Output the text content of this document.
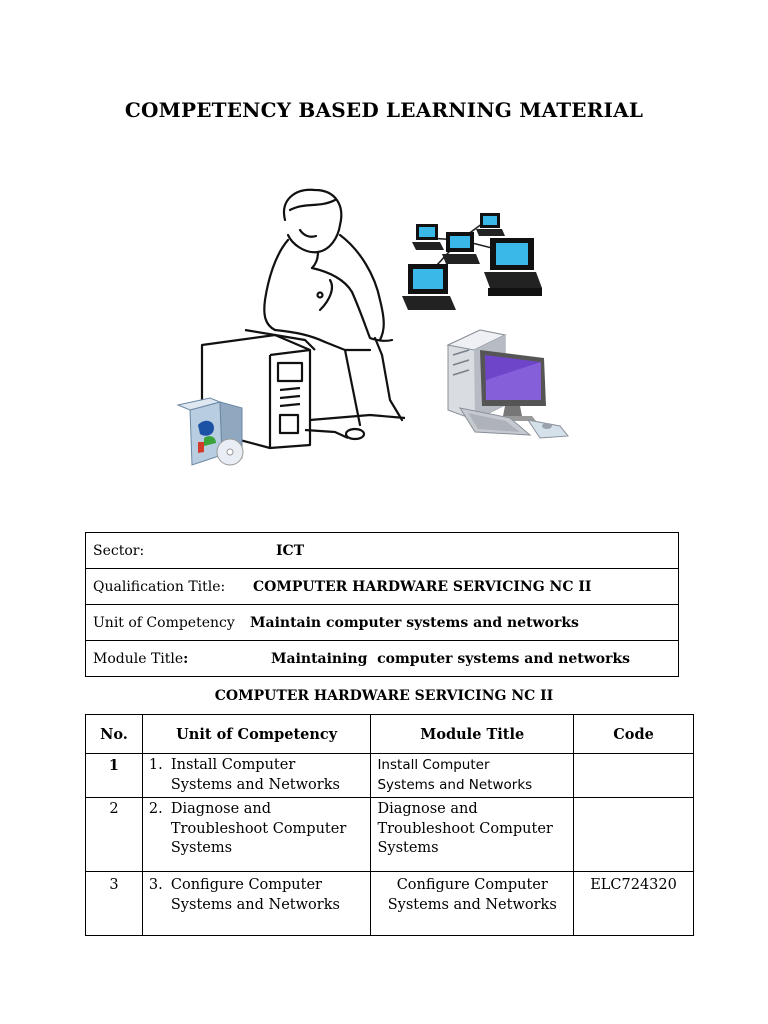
COMPETENCY BASED LEARNING MATERIAL
Sector:	ICT
Qualification Title: COMPUTER HARDWARE SERVICING NC II
Unit of Competency Maintain computer systems and networks
Module Title:	Maintaining  computer systems and networks
COMPUTER HARDWARE SERVICING NC II
No.	Unit of Competency	Module Title	Code
1	1. Install Computer
Systems and Networks	Install Computer
Systems and Networks	
2	2. Diagnose and
Troubleshoot Computer
Systems	Diagnose and
Troubleshoot Computer
Systems	
3	3. Configure Computer
Systems and Networks	Configure Computer
Systems and Networks	ELC724320
